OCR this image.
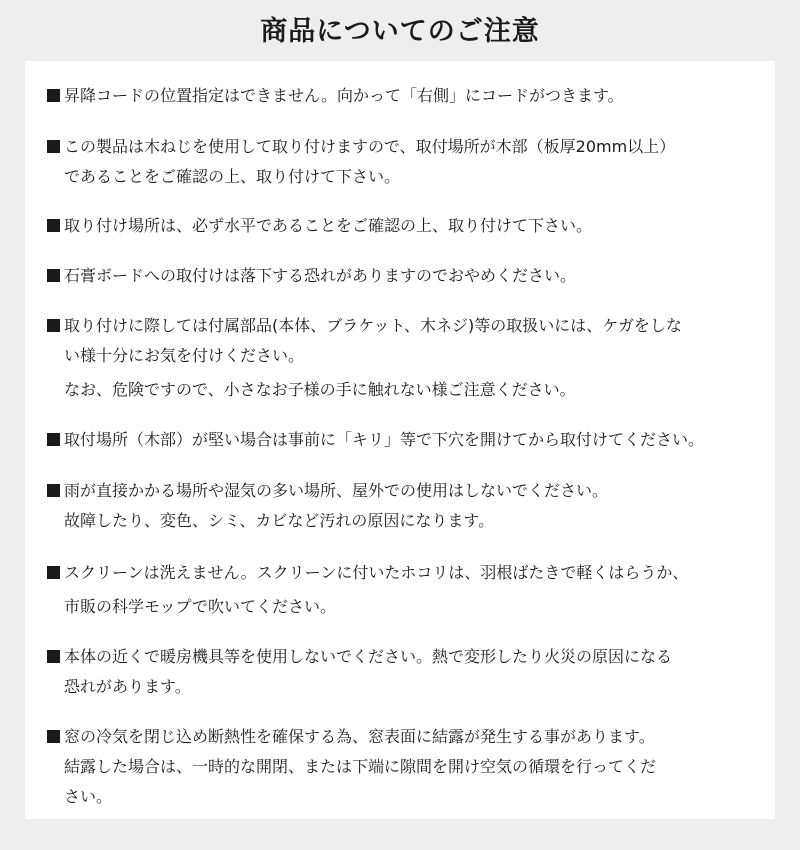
商品についてのご注意
昇降コードの位置指定はできません。向かって「右側」にコードがつきます。
この製品は木ねじを使用して取り付けますので、取付場所が木部（板厚20mm以上）
であることをご確認の上、取り付けて下さい。
取り付け場所は、必ず水平であることをご確認の上、取り付けて下さい。
石膏ボードへの取付けは落下する恐れがありますのでおやめください。
取り付けに際しては付属部品(本体、ブラケット、木ネジ)等の取扱いには、ケガをしな
い様十分にお気を付けください。
なお、危険ですので、小さなお子様の手に触れない様ご注意ください。
取付場所（木部）が堅い場合は事前に「キリ」等で下穴を開けてから取付けてください。
雨が直接かかる場所や湿気の多い場所、屋外での使用はしないでください。
故障したり、変色、シミ、カビなど汚れの原因になります。
スクリーンは洗えません。スクリーンに付いたホコリは、羽根ばたきで軽くはらうか、
市販の科学モップで吹いてください。
本体の近くで暖房機具等を使用しないでください。熱で変形したり火災の原因になる
恐れがあります。
窓の冷気を閉じ込め断熱性を確保する為、窓表面に結露が発生する事があります。
結露した場合は、一時的な開閉、または下端に隙間を開け空気の循環を行ってくだ
さい。
